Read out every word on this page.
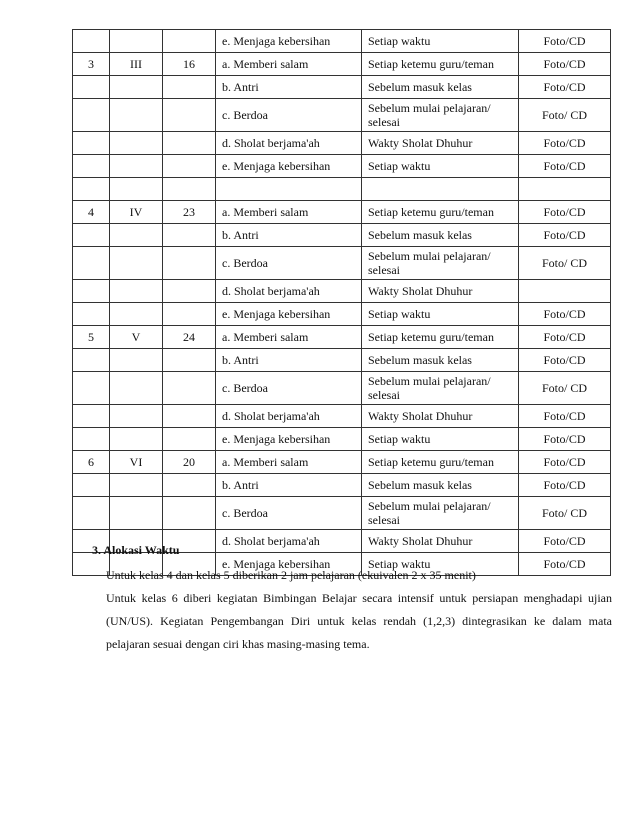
			e. Menjaga kebersihan	Setiap waktu	Foto/CD
3	III	16	a. Memberi salam	Setiap ketemu guru/teman	Foto/CD
			b. Antri	Sebelum masuk kelas	Foto/CD
			c. Berdoa	Sebelum mulai pelajaran/ selesai	Foto/ CD
			d. Sholat berjama'ah	Wakty Sholat Dhuhur	Foto/CD
			e. Menjaga kebersihan	Setiap waktu	Foto/CD

4	IV	23	a. Memberi salam	Setiap ketemu guru/teman	Foto/CD
			b. Antri	Sebelum masuk kelas	Foto/CD
			c. Berdoa	Sebelum mulai pelajaran/ selesai	Foto/ CD
			d. Sholat berjama'ah	Wakty Sholat Dhuhur	
			e. Menjaga kebersihan	Setiap waktu	Foto/CD
5	V	24	a. Memberi salam	Setiap ketemu guru/teman	Foto/CD
			b. Antri	Sebelum masuk kelas	Foto/CD
			c. Berdoa	Sebelum mulai pelajaran/ selesai	Foto/ CD
			d. Sholat berjama'ah	Wakty Sholat Dhuhur	Foto/CD
			e. Menjaga kebersihan	Setiap waktu	Foto/CD
6	VI	20	a. Memberi salam	Setiap ketemu guru/teman	Foto/CD
			b. Antri	Sebelum masuk kelas	Foto/CD
			c. Berdoa	Sebelum mulai pelajaran/ selesai	Foto/ CD
			d. Sholat berjama'ah	Wakty Sholat Dhuhur	Foto/CD
			e. Menjaga kebersihan	Setiap waktu	Foto/CD
3. Alokasi Waktu

Untuk kelas 4 dan kelas 5 diberikan 2 jam pelajaran (ekuivalen 2 x 35 menit)

Untuk kelas 6 diberi kegiatan Bimbingan Belajar secara intensif untuk persiapan menghadapi ujian (UN/US). Kegiatan Pengembangan Diri untuk kelas rendah (1,2,3) dintegrasikan ke dalam mata pelajaran sesuai dengan ciri khas masing-masing tema.
